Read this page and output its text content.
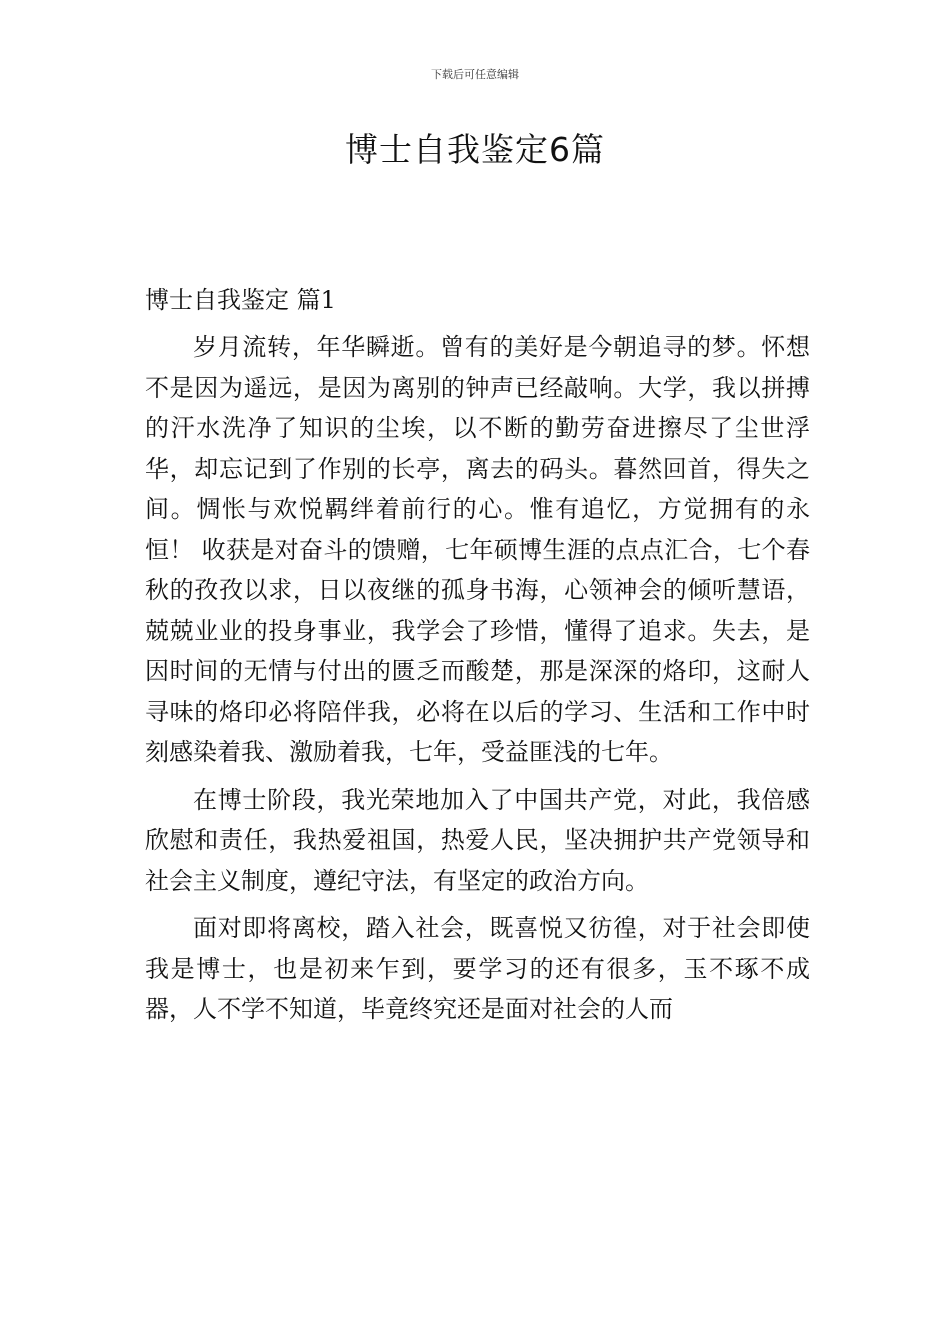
下载后可任意编辑
博士自我鉴定6篇

博士自我鉴定 篇1

岁月流转，年华瞬逝。曾有的美好是今朝追寻的梦。怀想不是因为遥远，是因为离别的钟声已经敲响。大学，我以拼搏的汗水洗净了知识的尘埃，以不断的勤劳奋进擦尽了尘世浮华，却忘记到了作别的长亭，离去的码头。暮然回首，得失之间。惆怅与欢悦羁绊着前行的心。惟有追忆，方觉拥有的永恒！ 收获是对奋斗的馈赠，七年硕博生涯的点点汇合，七个春秋的孜孜以求，日以夜继的孤身书海，心领神会的倾听慧语，兢兢业业的投身事业，我学会了珍惜，懂得了追求。失去，是因时间的无情与付出的匮乏而酸楚，那是深深的烙印，这耐人寻味的烙印必将陪伴我，必将在以后的学习、生活和工作中时刻感染着我、激励着我，七年，受益匪浅的七年。

在博士阶段，我光荣地加入了中国共产党，对此，我倍感欣慰和责任，我热爱祖国，热爱人民，坚决拥护共产党领导和社会主义制度，遵纪守法，有坚定的政治方向。

面对即将离校，踏入社会，既喜悦又彷徨，对于社会即使我是博士，也是初来乍到，要学习的还有很多，玉不琢不成器，人不学不知道，毕竟终究还是面对社会的人而
